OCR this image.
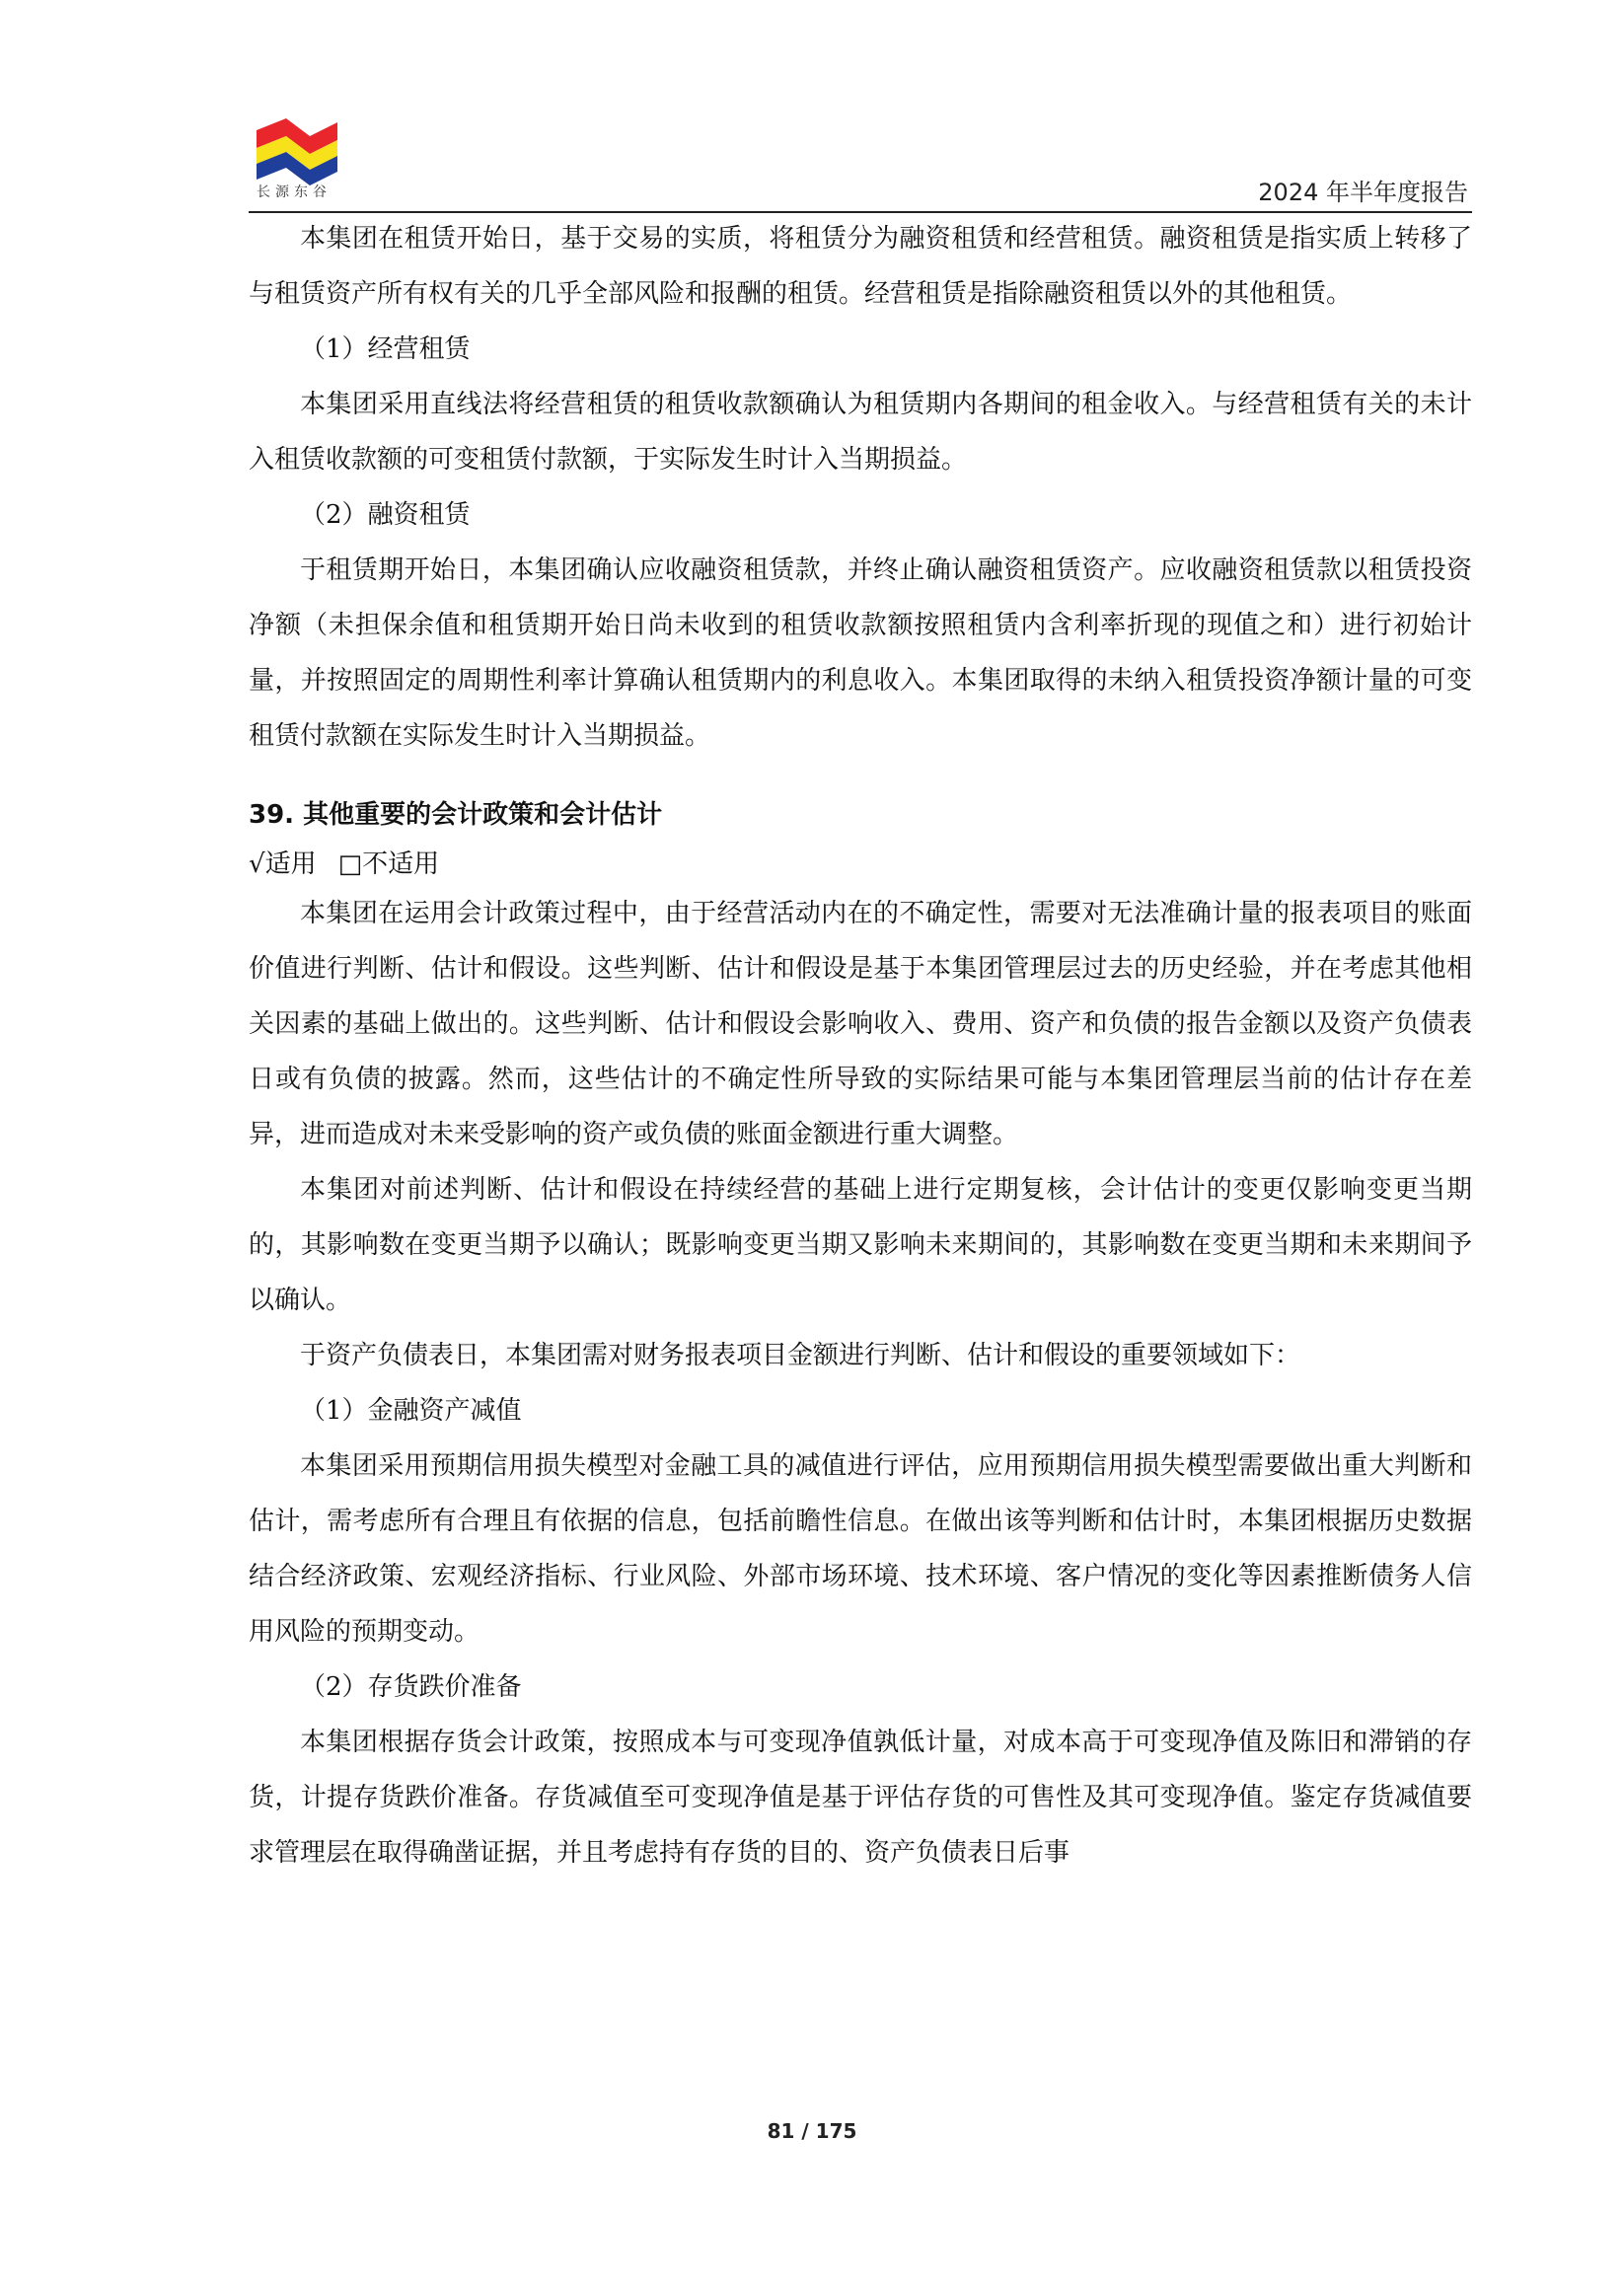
长源东谷	2024 年半年度报告

本集团在租赁开始日，基于交易的实质，将租赁分为融资租赁和经营租赁。融资租赁是指实质上转移了与租赁资产所有权有关的几乎全部风险和报酬的租赁。经营租赁是指除融资租赁以外的其他租赁。

（1）经营租赁

本集团采用直线法将经营租赁的租赁收款额确认为租赁期内各期间的租金收入。与经营租赁有关的未计入租赁收款额的可变租赁付款额，于实际发生时计入当期损益。

（2）融资租赁

于租赁期开始日，本集团确认应收融资租赁款，并终止确认融资租赁资产。应收融资租赁款以租赁投资净额（未担保余值和租赁期开始日尚未收到的租赁收款额按照租赁内含利率折现的现值之和）进行初始计量，并按照固定的周期性利率计算确认租赁期内的利息收入。本集团取得的未纳入租赁投资净额计量的可变租赁付款额在实际发生时计入当期损益。

39. 其他重要的会计政策和会计估计
√适用 □不适用

本集团在运用会计政策过程中，由于经营活动内在的不确定性，需要对无法准确计量的报表项目的账面价值进行判断、估计和假设。这些判断、估计和假设是基于本集团管理层过去的历史经验，并在考虑其他相关因素的基础上做出的。这些判断、估计和假设会影响收入、费用、资产和负债的报告金额以及资产负债表日或有负债的披露。然而，这些估计的不确定性所导致的实际结果可能与本集团管理层当前的估计存在差异，进而造成对未来受影响的资产或负债的账面金额进行重大调整。

本集团对前述判断、估计和假设在持续经营的基础上进行定期复核，会计估计的变更仅影响变更当期的，其影响数在变更当期予以确认；既影响变更当期又影响未来期间的，其影响数在变更当期和未来期间予以确认。

于资产负债表日，本集团需对财务报表项目金额进行判断、估计和假设的重要领域如下：

（1）金融资产减值

本集团采用预期信用损失模型对金融工具的减值进行评估，应用预期信用损失模型需要做出重大判断和估计，需考虑所有合理且有依据的信息，包括前瞻性信息。在做出该等判断和估计时，本集团根据历史数据结合经济政策、宏观经济指标、行业风险、外部市场环境、技术环境、客户情况的变化等因素推断债务人信用风险的预期变动。

（2）存货跌价准备

本集团根据存货会计政策，按照成本与可变现净值孰低计量，对成本高于可变现净值及陈旧和滞销的存货，计提存货跌价准备。存货减值至可变现净值是基于评估存货的可售性及其可变现净值。鉴定存货减值要求管理层在取得确凿证据，并且考虑持有存货的目的、资产负债表日后事

81 / 175
